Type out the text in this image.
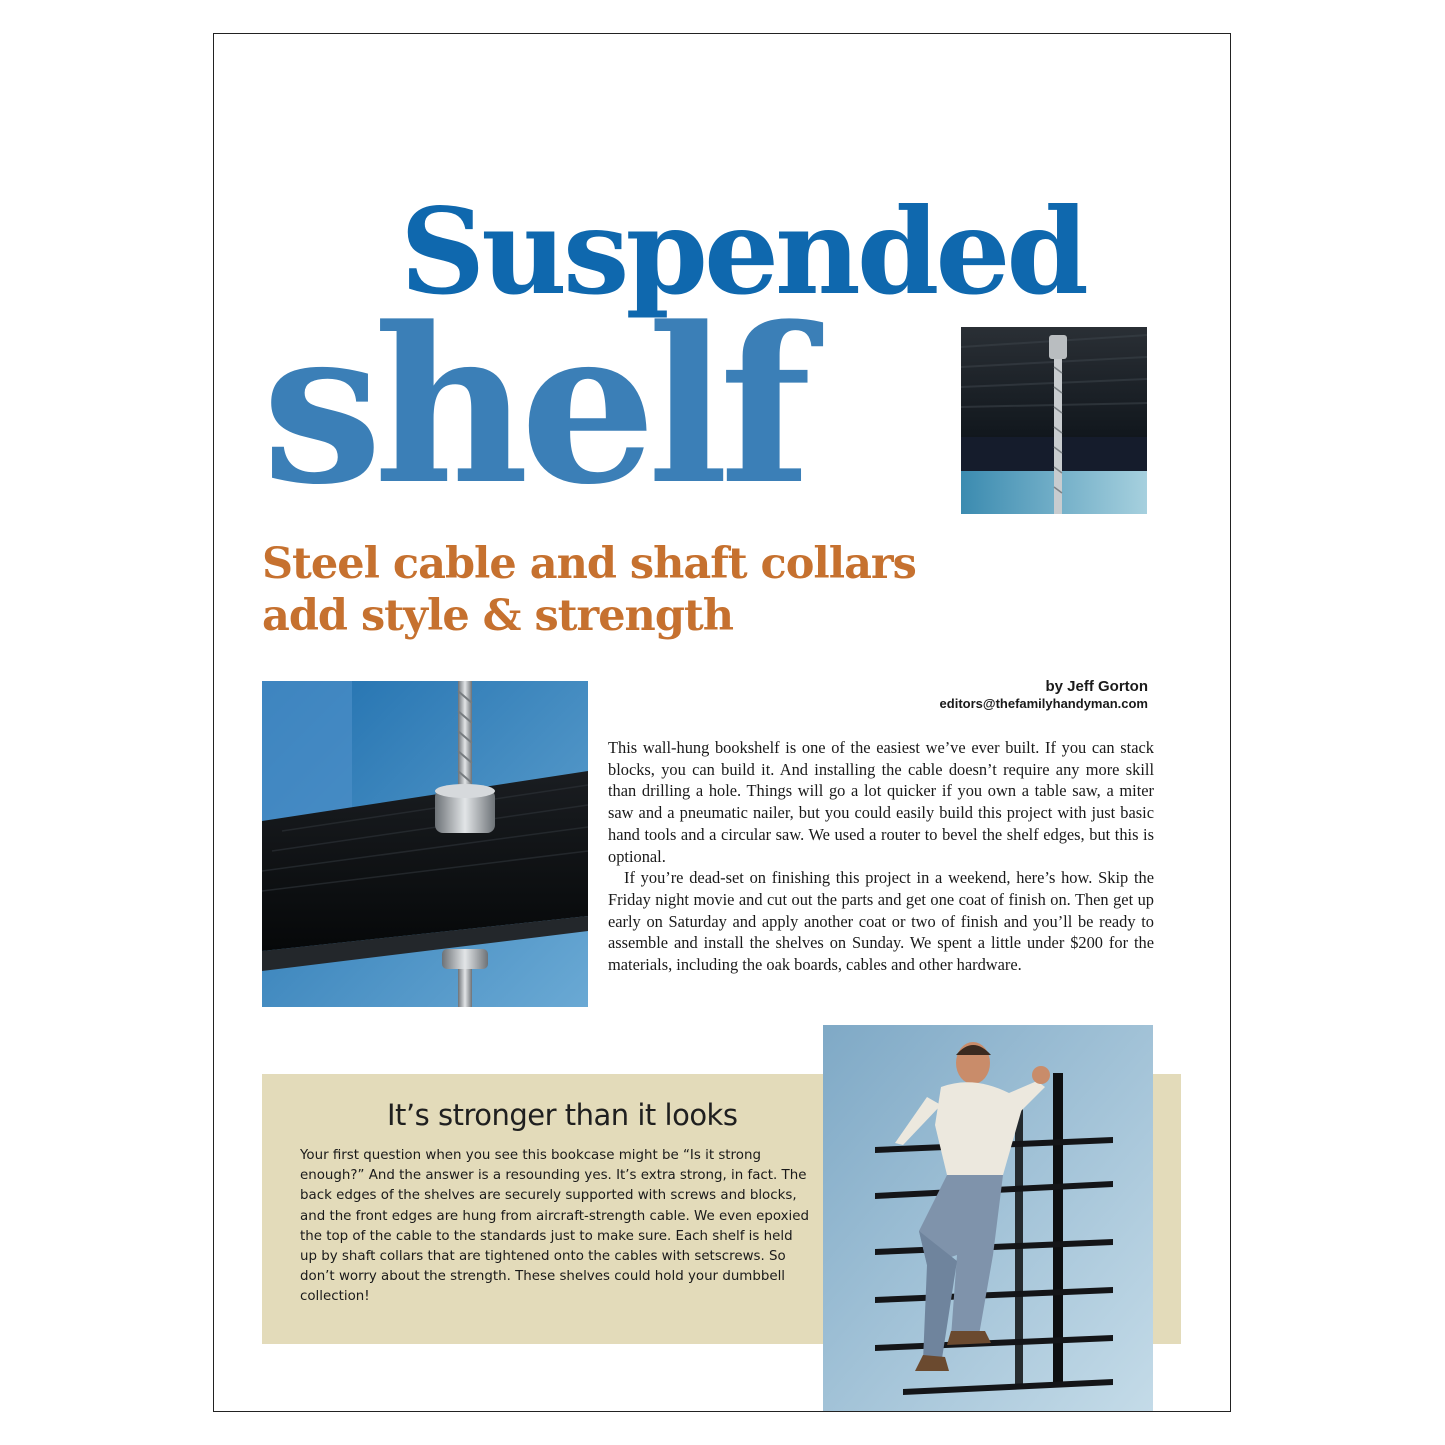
Suspended
shelf
Steel cable and shaft collars
add style & strength
by Jeff Gorton
editors@thefamilyhandyman.com

This wall-hung bookshelf is one of the easiest we’ve ever built. If you can stack blocks, you can build it. And installing the cable doesn’t require any more skill than drilling a hole. Things will go a lot quicker if you own a table saw, a miter saw and a pneumatic nailer, but you could easily build this project with just basic hand tools and a circular saw. We used a router to bevel the shelf edges, but this is optional.

If you’re dead-set on finishing this project in a weekend, here’s how. Skip the Friday night movie and cut out the parts and get one coat of finish on. Then get up early on Saturday and apply another coat or two of finish and you’ll be ready to assemble and install the shelves on Sunday. We spent a little under $200 for the materials, including the oak boards, cables and other hardware.

It’s stronger than it looks
Your first question when you see this bookcase might be “Is it strong enough?” And the answer is a resounding yes. It’s extra strong, in fact. The back edges of the shelves are securely supported with screws and blocks, and the front edges are hung from aircraft-strength cable. We even epoxied the top of the cable to the standards just to make sure. Each shelf is held up by shaft collars that are tightened onto the cables with setscrews. So don’t worry about the strength. These shelves could hold your dumbbell collection!
